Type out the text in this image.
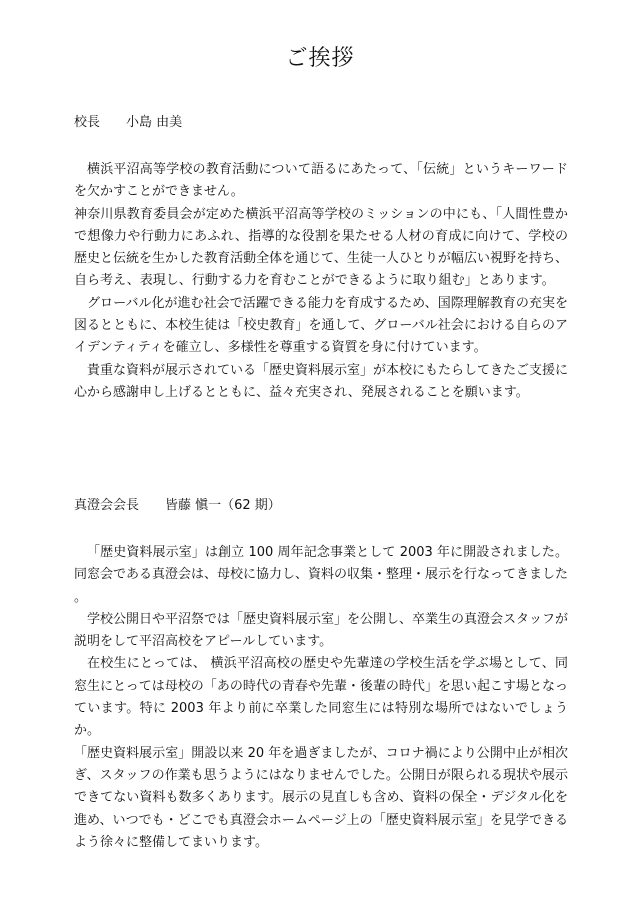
ご挨拶

校長　　小島 由美

横浜平沼高等学校の教育活動について語るにあたって、「伝統」というキーワードを欠かすことができません。

神奈川県教育委員会が定めた横浜平沼高等学校のミッションの中にも、「人間性豊かで想像力や行動力にあふれ、指導的な役割を果たせる人材の育成に向けて、学校の歴史と伝統を生かした教育活動全体を通じて、生徒一人ひとりが幅広い視野を持ち、自ら考え、表現し、行動する力を育むことができるように取り組む」とあります。

グローバル化が進む社会で活躍できる能力を育成するため、国際理解教育の充実を図るとともに、本校生徒は「校史教育」を通して、グローバル社会における自らのアイデンティティを確立し、多様性を尊重する資質を身に付けています。

貴重な資料が展示されている「歴史資料展示室」が本校にもたらしてきたご支援に心から感謝申し上げるとともに、益々充実され、発展されることを願います。

真澄会会長　　皆藤 愼一（62 期）

「歴史資料展示室」は創立 100 周年記念事業として 2003 年に開設されました。同窓会である真澄会は、母校に協力し、資料の収集・整理・展示を行なってきました。

学校公開日や平沼祭では「歴史資料展示室」を公開し、卒業生の真澄会スタッフが説明をして平沼高校をアピールしています。

在校生にとっては、 横浜平沼高校の歴史や先輩達の学校生活を学ぶ場として、同窓生にとっては母校の「あの時代の青春や先輩・後輩の時代」を思い起こす場となっています。特に 2003 年より前に卒業した同窓生には特別な場所ではないでしょうか。

「歴史資料展示室」開設以来 20 年を過ぎましたが、コロナ禍により公開中止が相次ぎ、スタッフの作業も思うようにはなりませんでした。公開日が限られる現状や展示できてない資料も数多くあります。展示の見直しも含め、資料の保全・デジタル化を進め、いつでも・どこでも真澄会ホームページ上の「歴史資料展示室」を見学できるよう徐々に整備してまいります。
